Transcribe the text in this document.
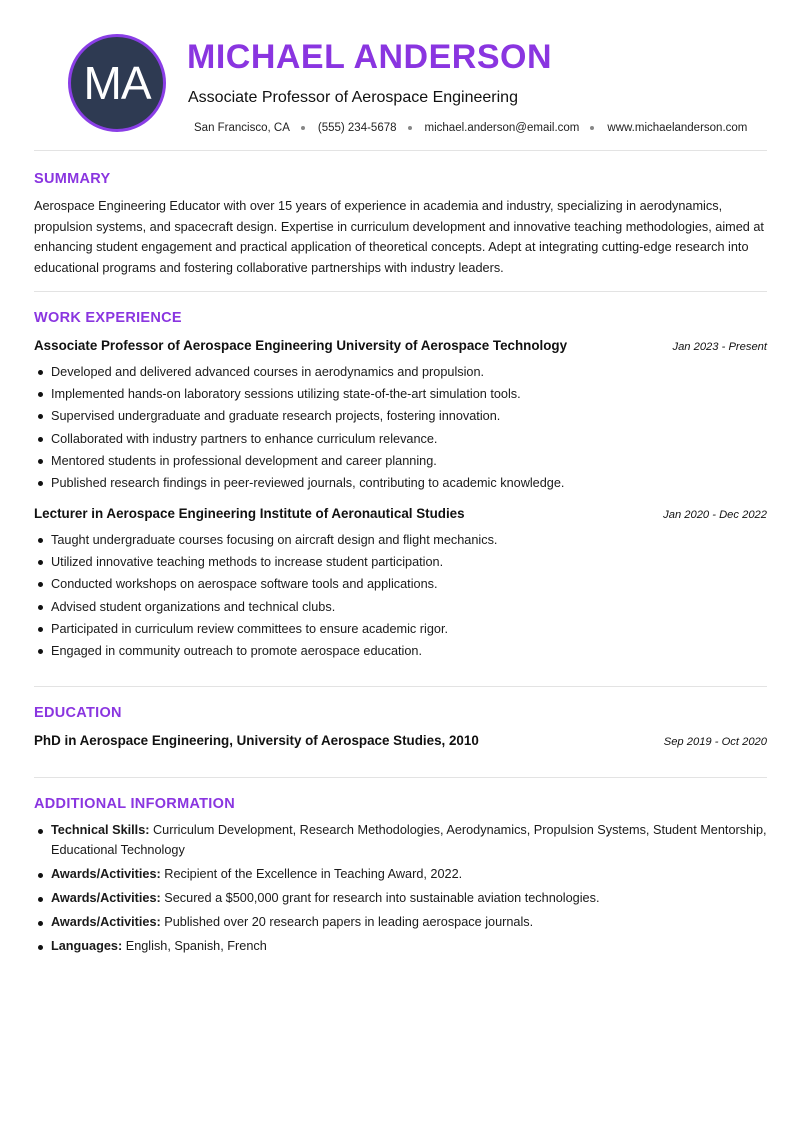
MA MICHAEL ANDERSON
Associate Professor of Aerospace Engineering
San Francisco, CA (555) 234-5678 michael.anderson@email.com www.michaelanderson.com
SUMMARY

Aerospace Engineering Educator with over 15 years of experience in academia and industry, specializing in aerodynamics, propulsion systems, and spacecraft design. Expertise in curriculum development and innovative teaching methodologies, aimed at enhancing student engagement and practical application of theoretical concepts. Adept at integrating cutting-edge research into educational programs and fostering collaborative partnerships with industry leaders.

WORK EXPERIENCE
Associate Professor of Aerospace Engineering University of Aerospace Technology	Jan 2023 - Present
Developed and delivered advanced courses in aerodynamics and propulsion.
Implemented hands-on laboratory sessions utilizing state-of-the-art simulation tools.
Supervised undergraduate and graduate research projects, fostering innovation.
Collaborated with industry partners to enhance curriculum relevance.
Mentored students in professional development and career planning.
Published research findings in peer-reviewed journals, contributing to academic knowledge.
Lecturer in Aerospace Engineering Institute of Aeronautical Studies	Jan 2020 - Dec 2022
Taught undergraduate courses focusing on aircraft design and flight mechanics.
Utilized innovative teaching methods to increase student participation.
Conducted workshops on aerospace software tools and applications.
Advised student organizations and technical clubs.
Participated in curriculum review committees to ensure academic rigor.
Engaged in community outreach to promote aerospace education.
EDUCATION
PhD in Aerospace Engineering, University of Aerospace Studies, 2010	Sep 2019 - Oct 2020
ADDITIONAL INFORMATION
Technical Skills: Curriculum Development, Research Methodologies, Aerodynamics, Propulsion Systems, Student Mentorship, Educational Technology
Awards/Activities: Recipient of the Excellence in Teaching Award, 2022.
Awards/Activities: Secured a $500,000 grant for research into sustainable aviation technologies.
Awards/Activities: Published over 20 research papers in leading aerospace journals.
Languages: English, Spanish, French
